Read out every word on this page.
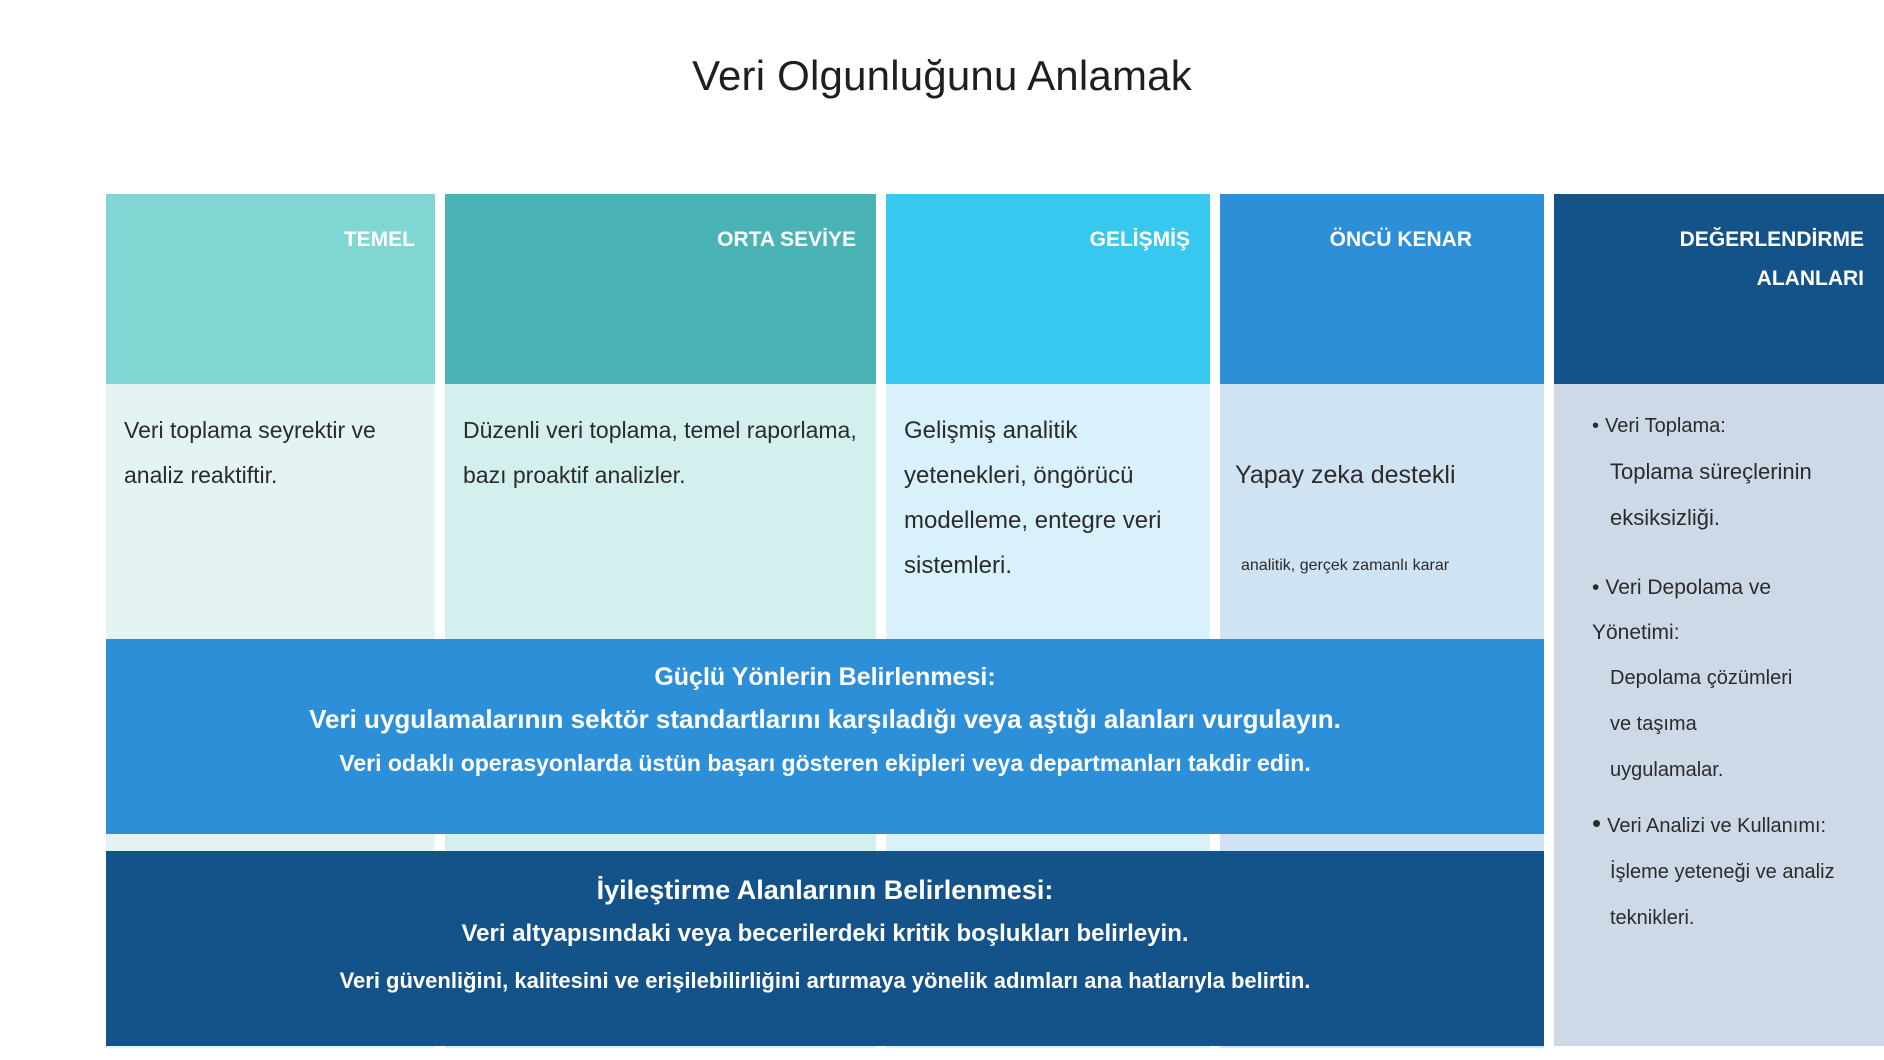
Veri Olgunluğunu Anlamak
TEMEL
Veri toplama seyrektir ve
analiz reaktiftir.
ORTA SEVİYE
Düzenli veri toplama, temel raporlama,
bazı proaktif analizler.
GELİŞMİŞ
Gelişmiş analitik
yetenekleri, öngörücü
modelleme, entegre veri
sistemleri.
ÖNCÜ KENAR

Yapay zeka destekli

analitik, gerçek zamanlı karar

DEĞERLENDİRME
ALANLARI
• Veri Toplama:
Toplama süreçlerinin
eksiksizliği.
• Veri Depolama ve
Yönetimi:
Depolama çözümleri
ve taşıma
uygulamalar.
• Veri Analizi ve Kullanımı:
İşleme yeteneği ve analiz
teknikleri.
Güçlü Yönlerin Belirlenmesi:
Veri uygulamalarının sektör standartlarını karşıladığı veya aştığı alanları vurgulayın.
Veri odaklı operasyonlarda üstün başarı gösteren ekipleri veya departmanları takdir edin.
İyileştirme Alanlarının Belirlenmesi:
Veri altyapısındaki veya becerilerdeki kritik boşlukları belirleyin.
Veri güvenliğini, kalitesini ve erişilebilirliğini artırmaya yönelik adımları ana hatlarıyla belirtin.
